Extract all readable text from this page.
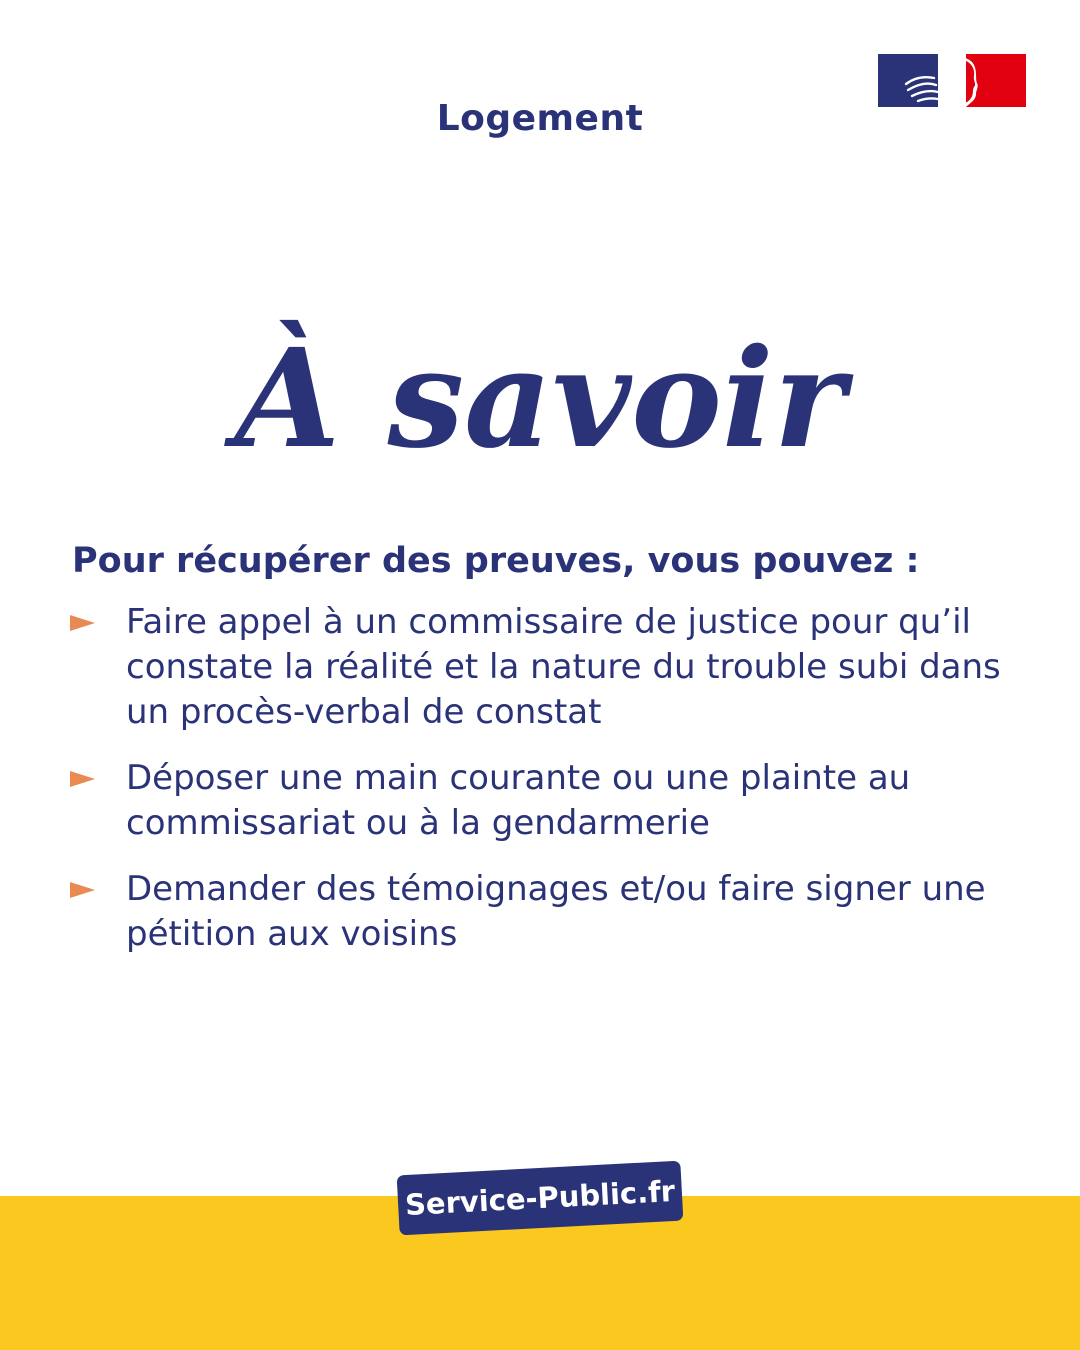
Logement
À savoir
Pour récupérer des preuves, vous pouvez :
Faire appel à un commissaire de justice pour qu’il constate la réalité et la nature du trouble subi dans un procès-verbal de constat
Déposer une main courante ou une plainte au commissariat ou à la gendarmerie
Demander des témoignages et/ou faire signer une pétition aux voisins
Service-Public.fr
